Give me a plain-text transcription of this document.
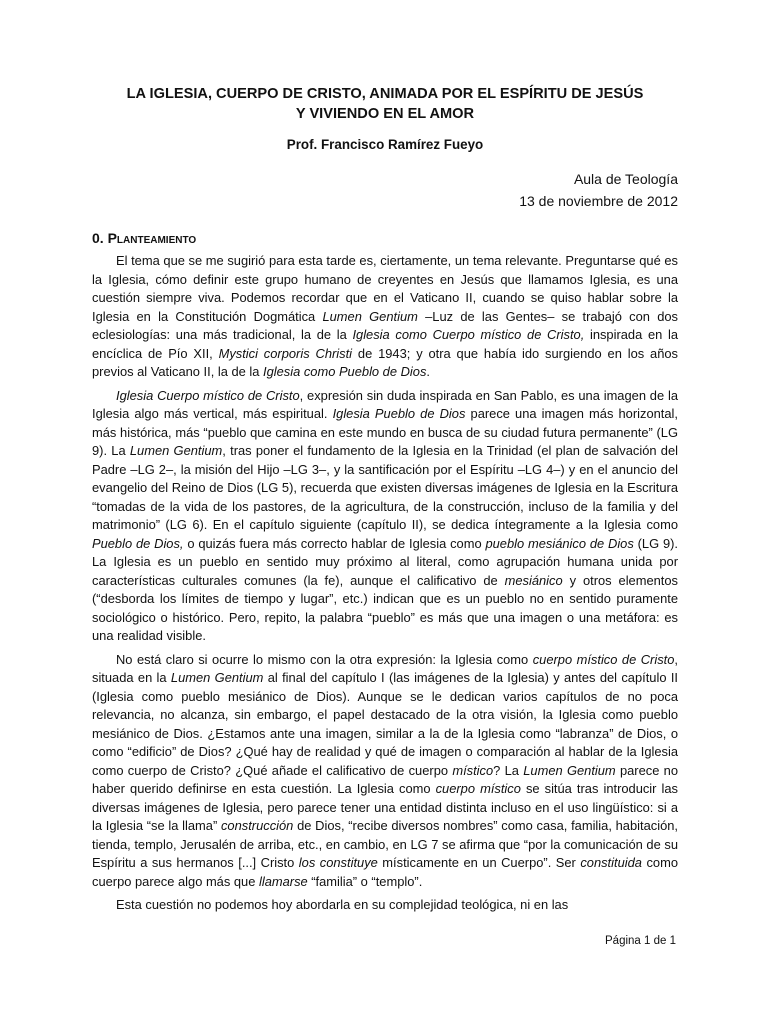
LA IGLESIA, CUERPO DE CRISTO, ANIMADA POR EL ESPÍRITU DE JESÚS
Y VIVIENDO EN EL AMOR
Prof. Francisco Ramírez Fueyo
Aula de Teología
13 de noviembre de 2012
0. Planteamiento

El tema que se me sugirió para esta tarde es, ciertamente, un tema relevante. Preguntarse qué es la Iglesia, cómo definir este grupo humano de creyentes en Jesús que llamamos Iglesia, es una cuestión siempre viva. Podemos recordar que en el Vaticano II, cuando se quiso hablar sobre la Iglesia en la Constitución Dogmática Lumen Gentium –Luz de las Gentes– se trabajó con dos eclesiologías: una más tradicional, la de la Iglesia como Cuerpo místico de Cristo, inspirada en la encíclica de Pío XII, Mystici corporis Christi de 1943; y otra que había ido surgiendo en los años previos al Vaticano II, la de la Iglesia como Pueblo de Dios.

Iglesia Cuerpo místico de Cristo, expresión sin duda inspirada en San Pablo, es una imagen de la Iglesia algo más vertical, más espiritual. Iglesia Pueblo de Dios parece una imagen más horizontal, más histórica, más “pueblo que camina en este mundo en busca de su ciudad futura permanente” (LG 9). La Lumen Gentium, tras poner el fundamento de la Iglesia en la Trinidad (el plan de salvación del Padre –LG 2–, la misión del Hijo –LG 3–, y la santificación por el Espíritu –LG 4–) y en el anuncio del evangelio del Reino de Dios (LG 5), recuerda que existen diversas imágenes de Iglesia en la Escritura “tomadas de la vida de los pastores, de la agricultura, de la construcción, incluso de la familia y del matrimonio” (LG 6). En el capítulo siguiente (capítulo II), se dedica íntegramente a la Iglesia como Pueblo de Dios, o quizás fuera más correcto hablar de Iglesia como pueblo mesiánico de Dios (LG 9). La Iglesia es un pueblo en sentido muy próximo al literal, como agrupación humana unida por características culturales comunes (la fe), aunque el calificativo de mesiánico y otros elementos (“desborda los límites de tiempo y lugar”, etc.) indican que es un pueblo no en sentido puramente sociológico o histórico. Pero, repito, la palabra “pueblo” es más que una imagen o una metáfora: es una realidad visible.

No está claro si ocurre lo mismo con la otra expresión: la Iglesia como cuerpo místico de Cristo, situada en la Lumen Gentium al final del capítulo I (las imágenes de la Iglesia) y antes del capítulo II (Iglesia como pueblo mesiánico de Dios). Aunque se le dedican varios capítulos de no poca relevancia, no alcanza, sin embargo, el papel destacado de la otra visión, la Iglesia como pueblo mesiánico de Dios. ¿Estamos ante una imagen, similar a la de la Iglesia como “labranza” de Dios, o como “edificio” de Dios? ¿Qué hay de realidad y qué de imagen o comparación al hablar de la Iglesia como cuerpo de Cristo? ¿Qué añade el calificativo de cuerpo místico? La Lumen Gentium parece no haber querido definirse en esta cuestión. La Iglesia como cuerpo místico se sitúa tras introducir las diversas imágenes de Iglesia, pero parece tener una entidad distinta incluso en el uso lingüístico: si a la Iglesia “se la llama” construcción de Dios, “recibe diversos nombres” como casa, familia, habitación, tienda, templo, Jerusalén de arriba, etc., en cambio, en LG 7 se afirma que “por la comunicación de su Espíritu a sus hermanos [...] Cristo los constituye místicamente en un Cuerpo”. Ser constituida como cuerpo parece algo más que llamarse “familia” o “templo”.

Esta cuestión no podemos hoy abordarla en su complejidad teológica, ni en las

Página 1 de 1
